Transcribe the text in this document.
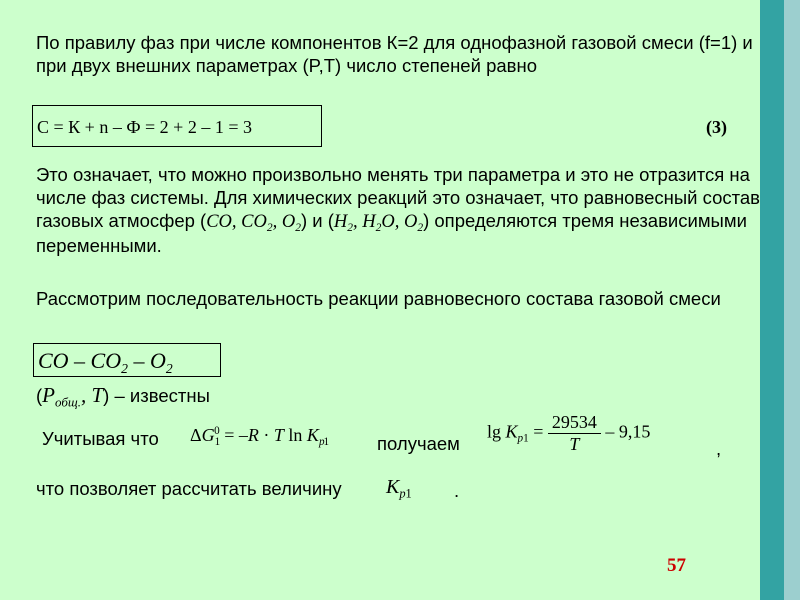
По правилу фаз при числе компонентов К=2 для однофазной газовой смеси (f=1) и при двух внешних параметрах (P,T) число степеней равно
C = К + n – Ф = 2 + 2 – 1 = 3	(3)
Это означает, что можно произвольно менять три параметра и это не отразится на числе фаз системы. Для химических реакций это означает, что равновесный состав газовых атмосфер (CO, $CO_2$, $O_2$) и ($H_2$, $H_2O$, $O_2$) определяются тремя независимыми переменными.
Рассмотрим последовательность реакции равновесного состава газовой смеси
CO – $CO_2 - O_2$
($P_{общ.}$, T) – известны
Учитывая что $\Delta G_1^0 = -R \cdot T$ $\ln K_{p1}$	получаем
$\lg K_{p1} = \frac{29534}{T} - 9,15$
,
что позволяет рассчитать величину $K_{p1}$ .
57
